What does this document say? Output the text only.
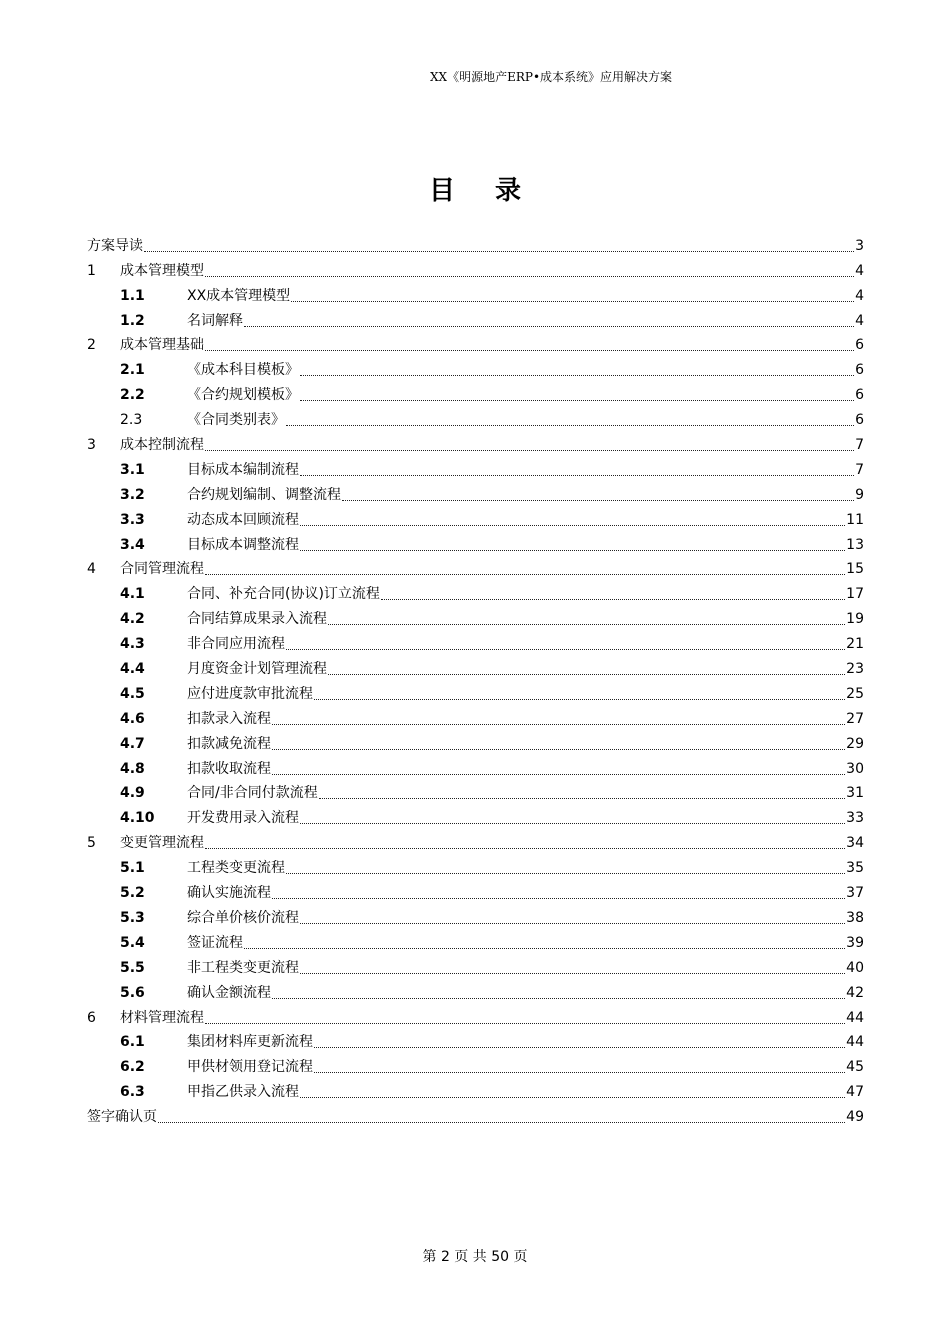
XX《明源地产ERP•成本系统》应用解决方案
目录
方案导读	3
1	成本管理模型	4
1.1	XX成本管理模型	4
1.2	名词解释	4
2	成本管理基础	6
2.1	《成本科目模板》	6
2.2	《合约规划模板》	6
2.3	《合同类别表》	6
3	成本控制流程	7
3.1	目标成本编制流程	7
3.2	合约规划编制、调整流程	9
3.3	动态成本回顾流程	11
3.4	目标成本调整流程	13
4	合同管理流程	15
4.1	合同、补充合同(协议)订立流程	17
4.2	合同结算成果录入流程	19
4.3	非合同应用流程	21
4.4	月度资金计划管理流程	23
4.5	应付进度款审批流程	25
4.6	扣款录入流程	27
4.7	扣款减免流程	29
4.8	扣款收取流程	30
4.9	合同/非合同付款流程	31
4.10	开发费用录入流程	33
5	变更管理流程	34
5.1	工程类变更流程	35
5.2	确认实施流程	37
5.3	综合单价核价流程	38
5.4	签证流程	39
5.5	非工程类变更流程	40
5.6	确认金额流程	42
6	材料管理流程	44
6.1	集团材料库更新流程	44
6.2	甲供材领用登记流程	45
6.3	甲指乙供录入流程	47
签字确认页	49
第 2 页 共 50 页
